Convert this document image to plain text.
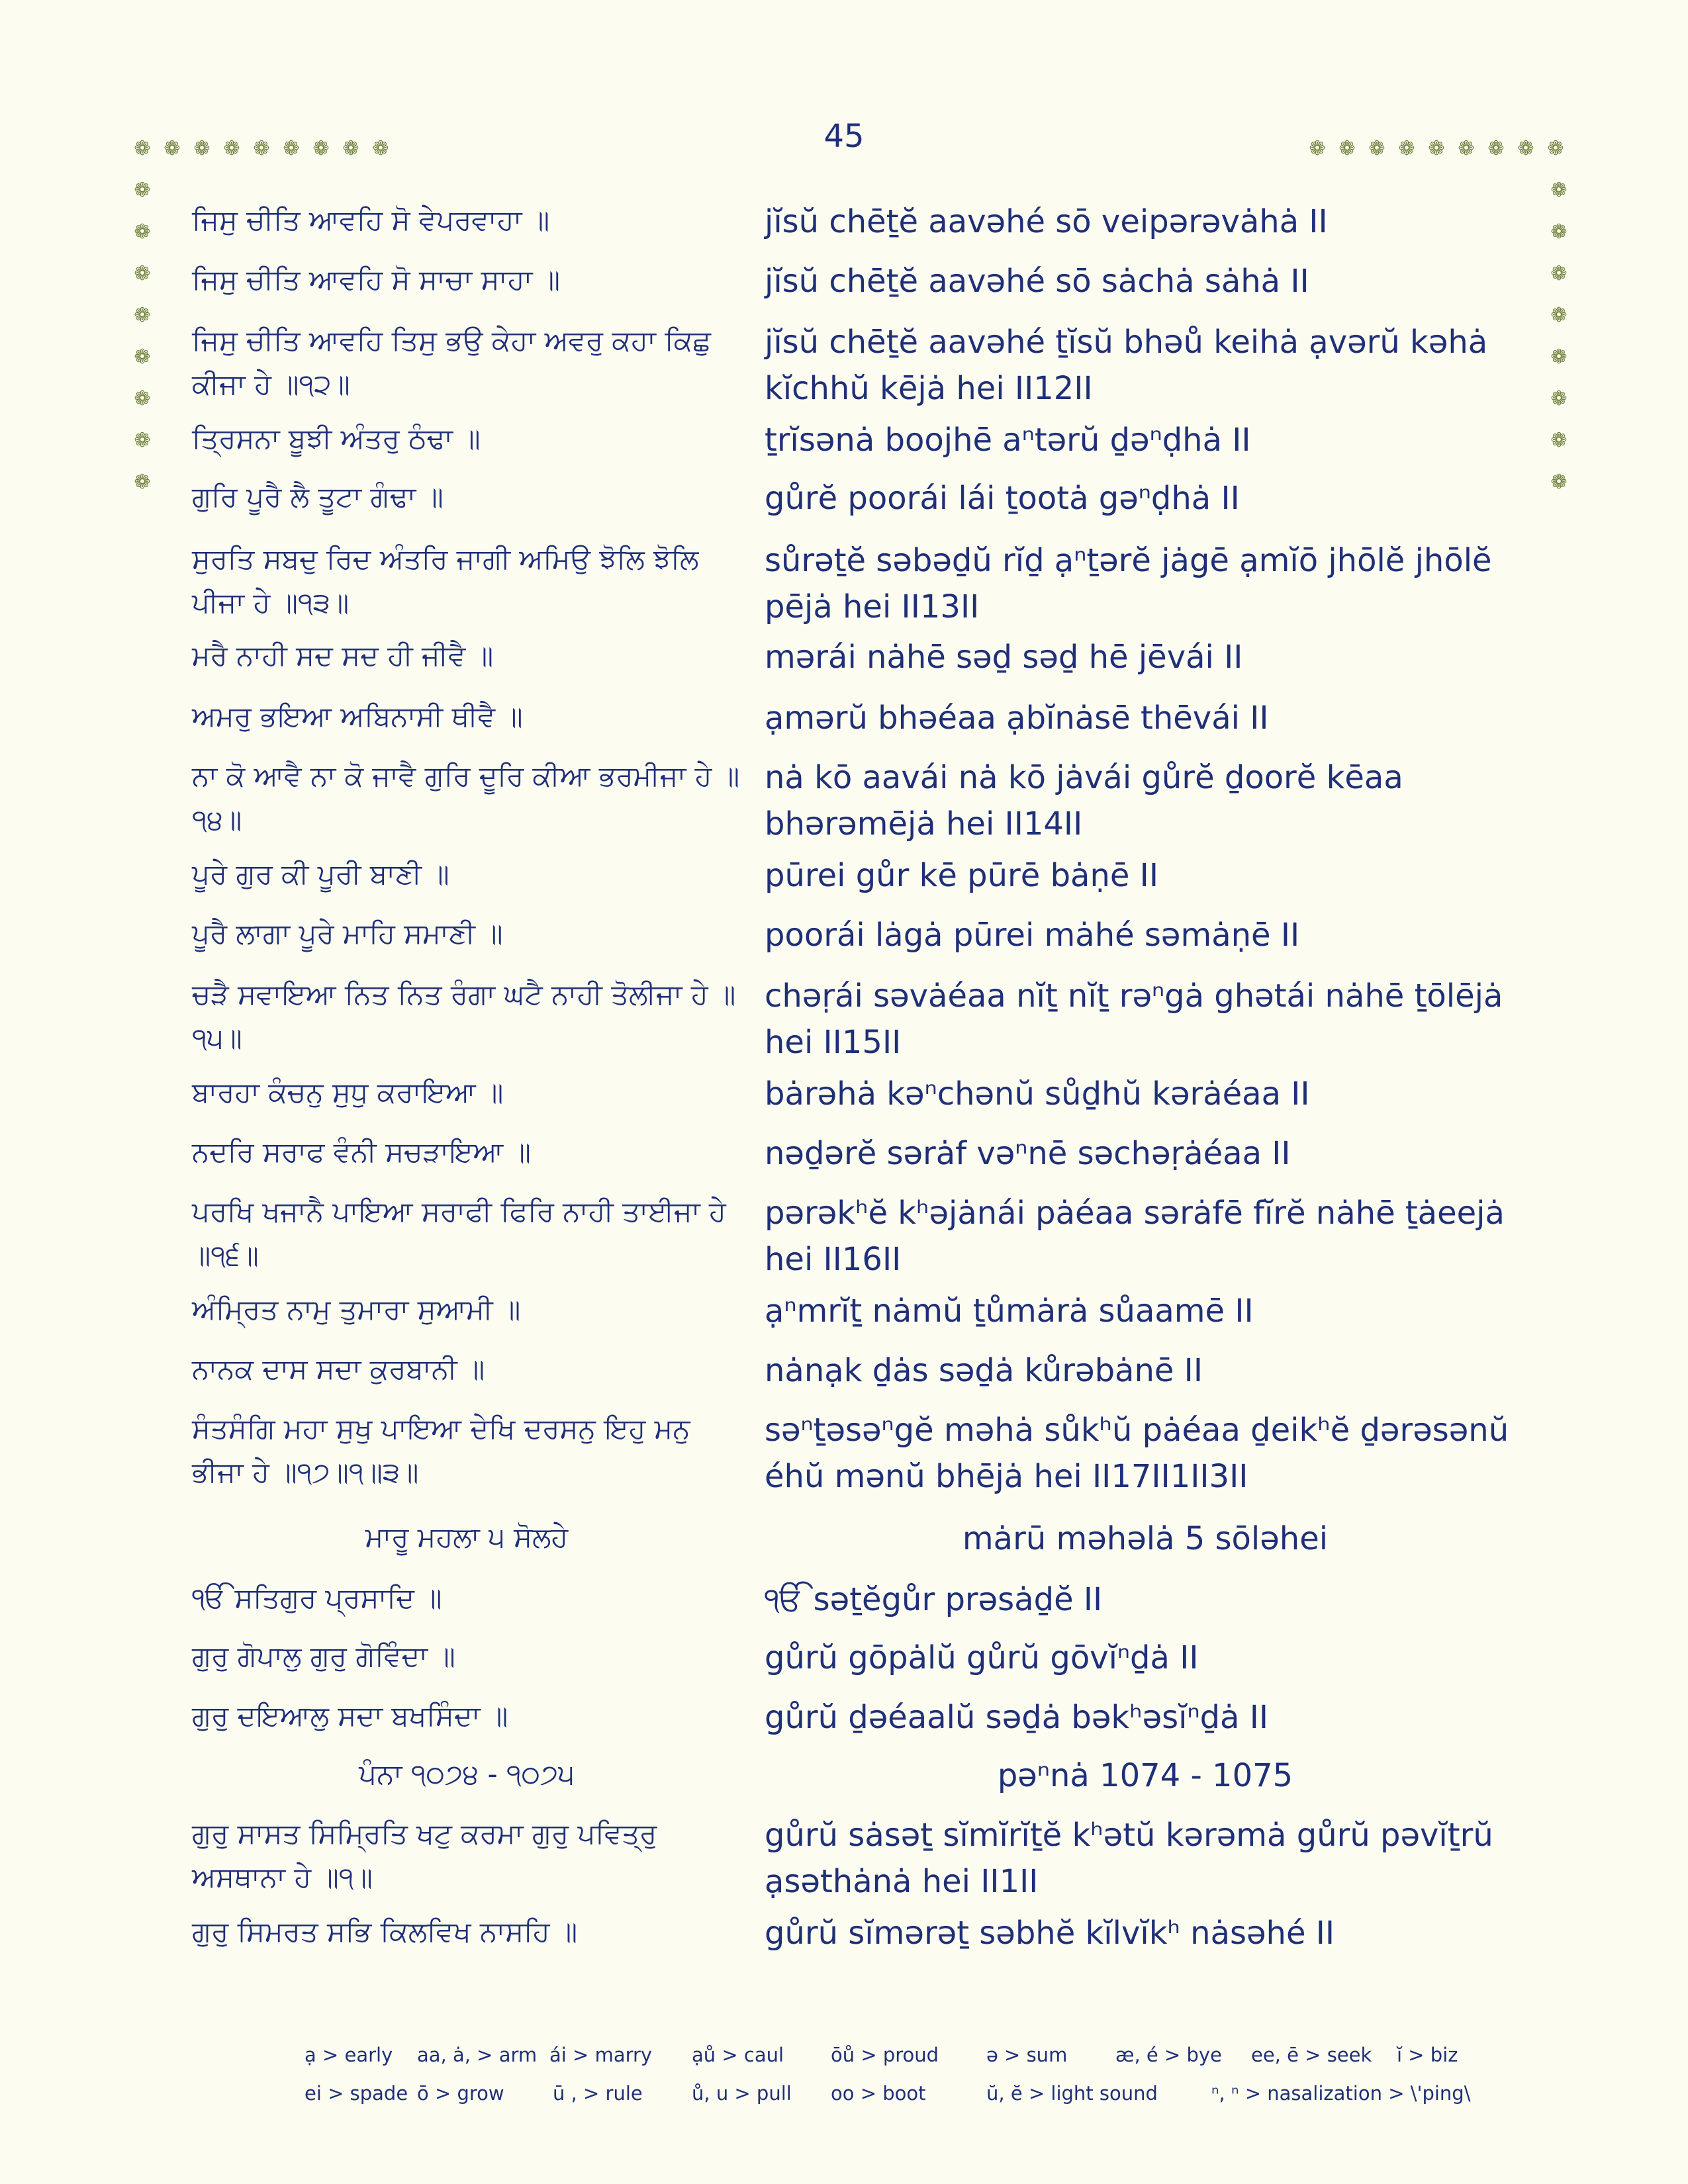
45
❁ ❁ ❁ ❁ ❁ ❁ ❁ ❁ ❁	❁ ❁ ❁ ❁ ❁ ❁ ❁ ❁ ❁
❁
❁
❁
❁
❁
❁
❁
❁
❁
❁
❁
❁
❁
❁
❁
❁
ਜਿਸੁ ਚੀਤਿ ਆਵਹਿ ਸੋ ਵੇਪਰਵਾਹਾ ॥	jĭsŭ chēṯĕ aavəhé sō veipərəvȧhȧ II
ਜਿਸੁ ਚੀਤਿ ਆਵਹਿ ਸੋ ਸਾਚਾ ਸਾਹਾ ॥	jĭsŭ chēṯĕ aavəhé sō sȧchȧ sȧhȧ II
ਜਿਸੁ ਚੀਤਿ ਆਵਹਿ ਤਿਸੁ ਭਉ ਕੇਹਾ ਅਵਰੁ ਕਹਾ ਕਿਛੁ ਕੀਜਾ ਹੇ ॥੧੨॥
jĭsŭ chēṯĕ aavəhé ṯĭsŭ bhəů keihȧ ạvərŭ kəhȧ kĭchhŭ kējȧ hei II12II
ਤ੍ਰਿਸਨਾ ਬੂਝੀ ਅੰਤਰੁ ਠੰਢਾ ॥	ṯrĭsənȧ boojhē aⁿtərŭ ḏəⁿḍhȧ II
ਗੁਰਿ ਪੂਰੈ ਲੈ ਤੂਟਾ ਗੰਢਾ ॥	gůrĕ poorái lái ṯootȧ gəⁿḍhȧ II
ਸੁਰਤਿ ਸਬਦੁ ਰਿਦ ਅੰਤਰਿ ਜਾਗੀ ਅਮਿਉ ਝੋਲਿ ਝੋਲਿ ਪੀਜਾ ਹੇ ॥੧੩॥
sůrəṯĕ səbəḏŭ rĭḏ ạⁿṯərĕ jȧgē ạmĭō jhōlĕ jhōlĕ pējȧ hei II13II
ਮਰੈ ਨਾਹੀ ਸਦ ਸਦ ਹੀ ਜੀਵੈ ॥	mərái nȧhē səḏ səḏ hē jēvái II
ਅਮਰੁ ਭਇਆ ਅਬਿਨਾਸੀ ਥੀਵੈ ॥	ạmərŭ bhəéaa ạbĭnȧsē thēvái II
ਨਾ ਕੋ ਆਵੈ ਨਾ ਕੋ ਜਾਵੈ ਗੁਰਿ ਦੂਰਿ ਕੀਆ ਭਰਮੀਜਾ ਹੇ ॥੧੪॥
nȧ kō aavái nȧ kō jȧvái gůrĕ ḏoorĕ kēaa bhərəmējȧ hei II14II
ਪੂਰੇ ਗੁਰ ਕੀ ਪੂਰੀ ਬਾਣੀ ॥	pūrei gůr kē pūrē bȧṇē II
ਪੂਰੈ ਲਾਗਾ ਪੂਰੇ ਮਾਹਿ ਸਮਾਣੀ ॥	poorái lȧgȧ pūrei mȧhé səmȧṇē II
ਚੜੈ ਸਵਾਇਆ ਨਿਤ ਨਿਤ ਰੰਗਾ ਘਟੈ ਨਾਹੀ ਤੋਲੀਜਾ ਹੇ ॥੧੫॥
chəṛái səvȧéaa nĭṯ nĭṯ rəⁿgȧ ghətái nȧhē ṯōlējȧ hei II15II
ਬਾਰਹਾ ਕੰਚਨੁ ਸੁਧੁ ਕਰਾਇਆ ॥	bȧrəhȧ kəⁿchənŭ sůḏhŭ kərȧéaa II
ਨਦਰਿ ਸਰਾਫ ਵੰਨੀ ਸਚੜਾਇਆ ॥	nəḏərĕ sərȧf vəⁿnē səchəṛȧéaa II
ਪਰਖਿ ਖਜਾਨੈ ਪਾਇਆ ਸਰਾਫੀ ਫਿਰਿ ਨਾਹੀ ਤਾਈਜਾ ਹੇ ॥੧੬॥
pərəkʰĕ kʰəjȧnái pȧéaa sərȧfē fĭrĕ nȧhē ṯȧeejȧ hei II16II
ਅੰਮ੍ਰਿਤ ਨਾਮੁ ਤੁਮਾਰਾ ਸੁਆਮੀ ॥	ạⁿmrĭṯ nȧmŭ ṯůmȧrȧ sůaamē II
ਨਾਨਕ ਦਾਸ ਸਦਾ ਕੁਰਬਾਨੀ ॥	nȧnạk ḏȧs səḏȧ kůrəbȧnē II
ਸੰਤਸੰਗਿ ਮਹਾ ਸੁਖੁ ਪਾਇਆ ਦੇਖਿ ਦਰਸਨੁ ਇਹੁ ਮਨੁ ਭੀਜਾ ਹੇ ॥੧੭॥੧॥੩॥
səⁿṯəsəⁿgĕ məhȧ sůkʰŭ pȧéaa ḏeikʰĕ ḏərəsənŭ éhŭ mənŭ bhējȧ hei II17II1II3II
ਮਾਰੂ ਮਹਲਾ ੫ ਸੋਲਹੇ	mȧrū məhəlȧ 5 sōləhei
ੴ ਸਤਿਗੁਰ ਪ੍ਰਸਾਦਿ ॥	ੴ səṯĕgůr prəsȧḏĕ II
ਗੁਰੁ ਗੋਪਾਲੁ ਗੁਰੁ ਗੋਵਿੰਦਾ ॥	gůrŭ gōpȧlŭ gůrŭ gōvĭⁿḏȧ II
ਗੁਰੁ ਦਇਆਲੁ ਸਦਾ ਬਖਸਿੰਦਾ ॥	gůrŭ ḏəéaalŭ səḏȧ bəkʰəsĭⁿḏȧ II
ਪੰਨਾ ੧੦੭੪ - ੧੦੭੫	pəⁿnȧ 1074 - 1075
ਗੁਰੁ ਸਾਸਤ ਸਿਮ੍ਰਿਤਿ ਖਟੁ ਕਰਮਾ ਗੁਰੁ ਪਵਿਤ੍ਰੁ ਅਸਥਾਨਾ ਹੇ ॥੧॥
gůrŭ sȧsəṯ sĭmĭrĭṯĕ kʰətŭ kərəmȧ gůrŭ pəvĭṯrŭ ạsəthȧnȧ hei II1II
ਗੁਰੁ ਸਿਮਰਤ ਸਭਿ ਕਿਲਵਿਖ ਨਾਸਹਿ ॥	gůrŭ sĭmərəṯ səbhĕ kĭlvĭkʰ nȧsəhé II
ạ > early aa, ȧ, > arm ái > marry ạů > caul ōů > proud ə > sum	æ, é > bye ee, ē > seek ĭ > biz
ei > spade ō > grow	ū , > rule	ů, u > pull oo > boot	ŭ, ĕ > light sound	ⁿ, ⁿ > nasalization > \'ping\
